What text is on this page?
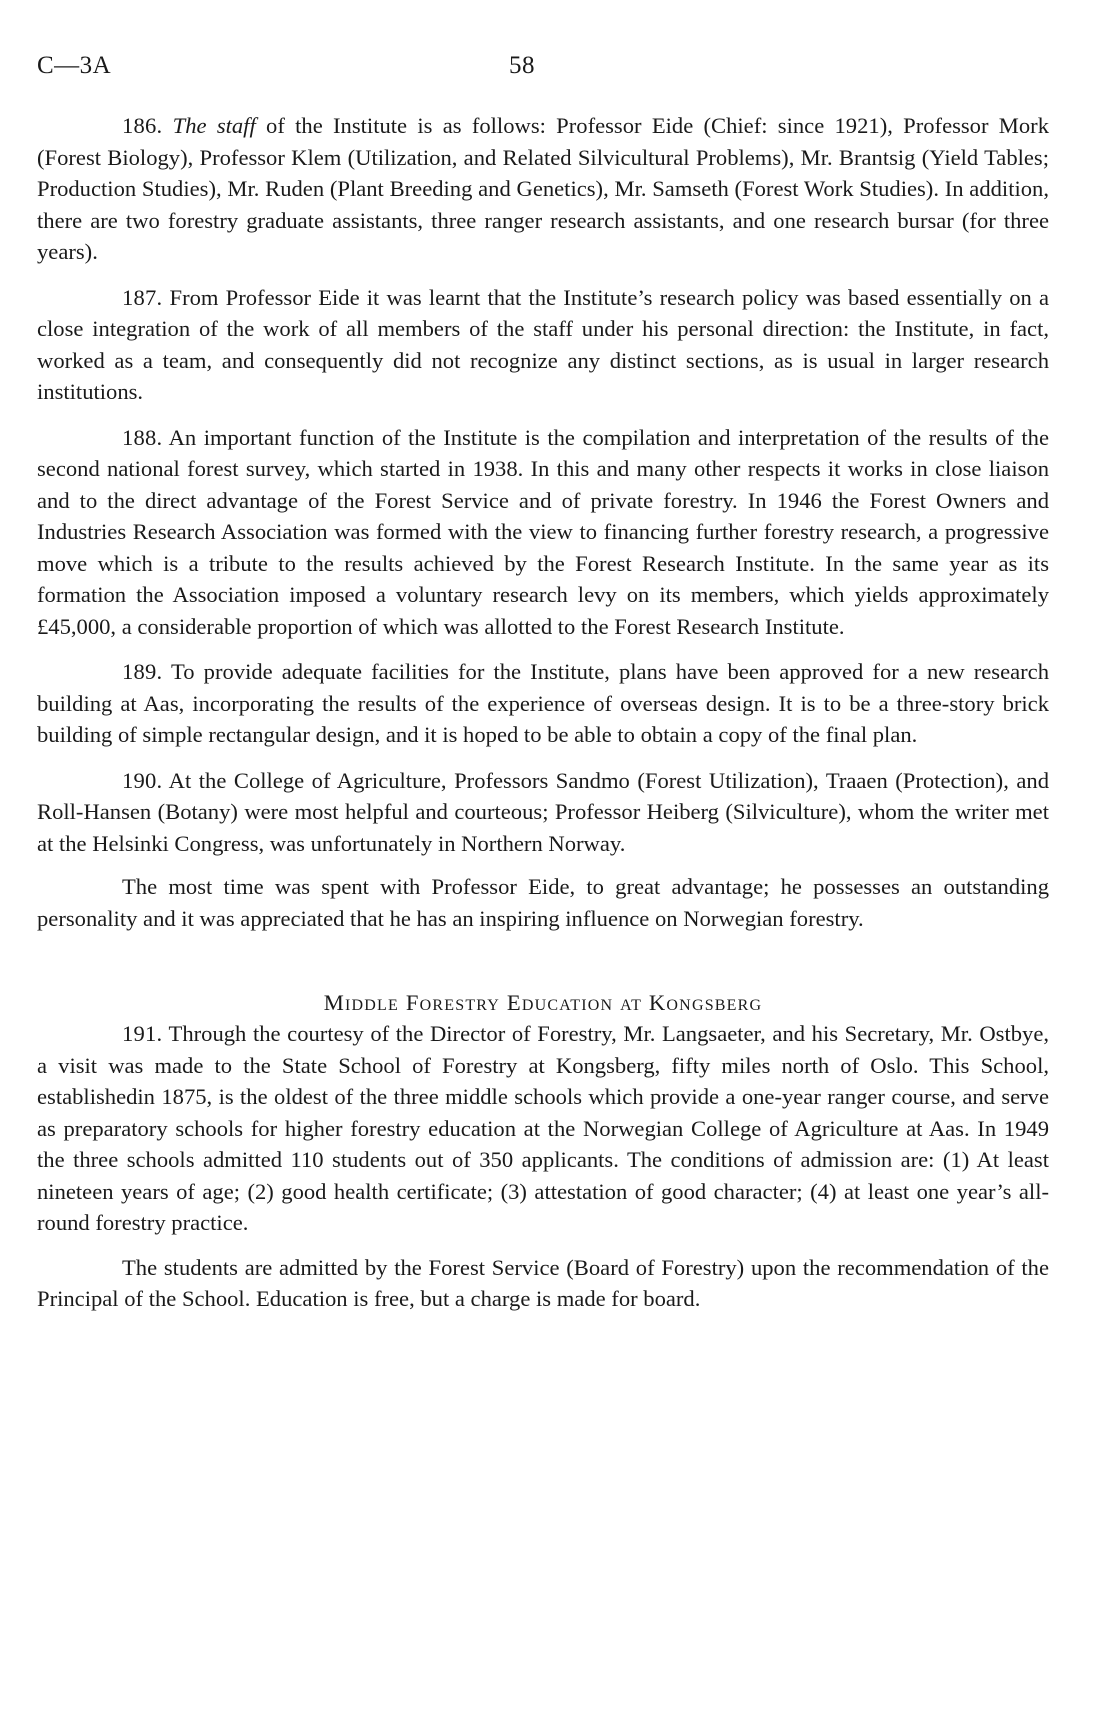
C—3A	58

186. The staff of the Institute is as follows: Professor Eide (Chief: since 1921), Professor Mork (Forest Biology), Professor Klem (Utilization, and Related Silvicultural Problems), Mr. Brantsig (Yield Tables; Production Studies), Mr. Ruden (Plant Breeding and Genetics), Mr. Samseth (Forest Work Studies). In addition, there are two forestry graduate assistants, three ranger research assistants, and one research bursar (for three years).

187. From Professor Eide it was learnt that the Institute’s research policy was based essentially on a close integration of the work of all members of the staff under his personal direction: the Institute, in fact, worked as a team, and consequently did not recognize any distinct sections, as is usual in larger research institutions.

188. An important function of the Institute is the compilation and interpretation of the results of the second national forest survey, which started in 1938. In this and many other respects it works in close liaison and to the direct advantage of the Forest Service and of private forestry. In 1946 the Forest Owners and Industries Research Association was formed with the view to financing further forestry research, a progressive move which is a tribute to the results achieved by the Forest Research Institute. In the same year as its formation the Association imposed a voluntary research levy on its members, which yields approximately £45,000, a considerable proportion of which was allotted to the Forest Research Institute.

189. To provide adequate facilities for the Institute, plans have been approved for a new research building at Aas, incorporating the results of the experience of overseas design. It is to be a three-story brick building of simple rectangular design, and it is hoped to be able to obtain a copy of the final plan.

190. At the College of Agriculture, Professors Sandmo (Forest Utilization), Traaen (Protection), and Roll-Hansen (Botany) were most helpful and courteous; Professor Heiberg (Silviculture), whom the writer met at the Helsinki Congress, was unfortunately in Northern Norway.

The most time was spent with Professor Eide, to great advantage; he possesses an outstanding personality and it was appreciated that he has an inspiring influence on Norwegian forestry.

Middle Forestry Education at Kongsberg

191. Through the courtesy of the Director of Forestry, Mr. Langsaeter, and his Secretary, Mr. Ostbye, a visit was made to the State School of Forestry at Kongsberg, fifty miles north of Oslo. This School, establishedin 1875, is the oldest of the three middle schools which provide a one-year ranger course, and serve as preparatory schools for higher forestry education at the Norwegian College of Agriculture at Aas. In 1949 the three schools admitted 110 students out of 350 applicants. The conditions of admission are: (1) At least nineteen years of age; (2) good health certificate; (3) attestation of good character; (4) at least one year’s all-round forestry practice.

The students are admitted by the Forest Service (Board of Forestry) upon the recommendation of the Principal of the School. Education is free, but a charge is made for board.
